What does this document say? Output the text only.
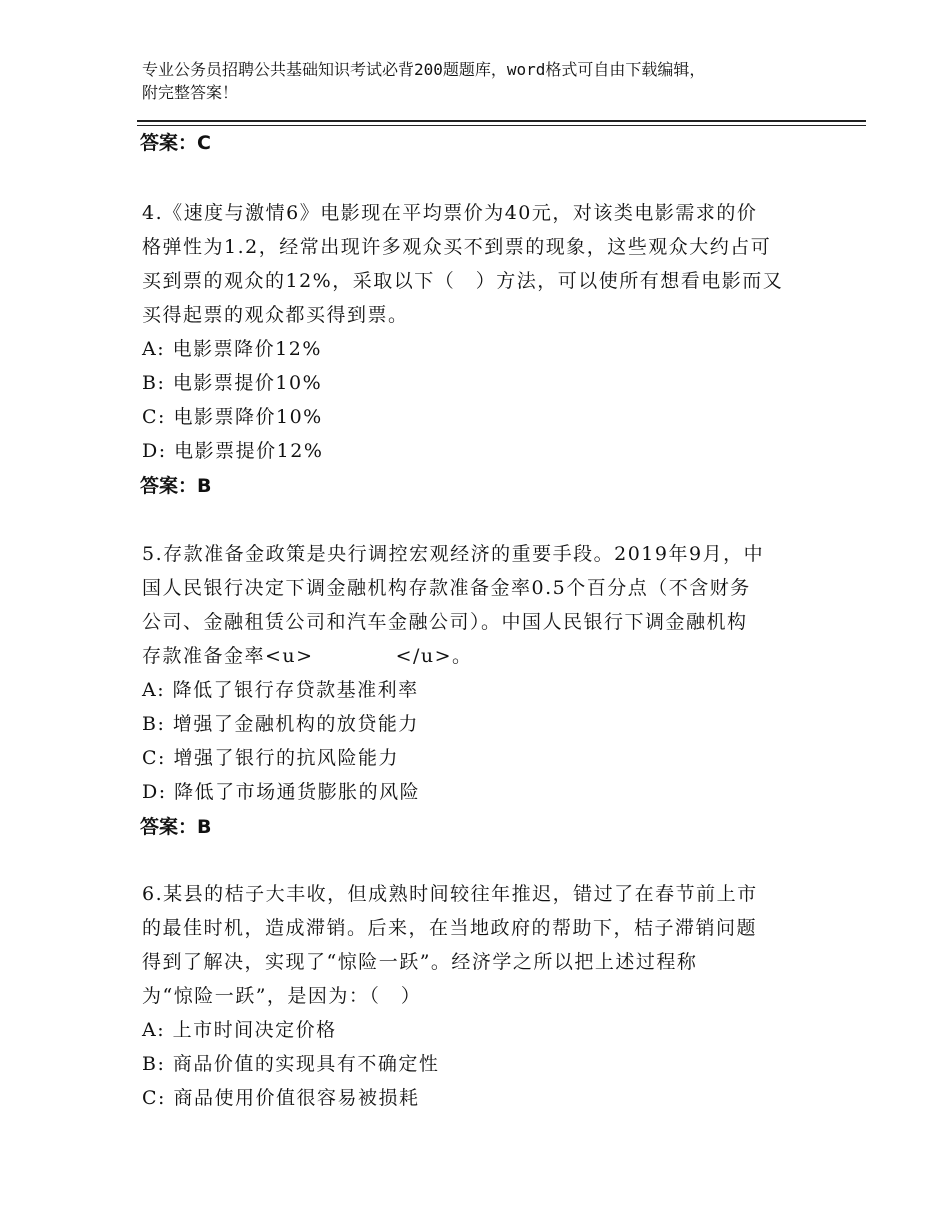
专业公务员招聘公共基础知识考试必背200题题库，word格式可自由下载编辑，
附完整答案！
答案：C
4.《速度与激情6》电影现在平均票价为40元，对该类电影需求的价
格弹性为1.2，经常出现许多观众买不到票的现象，这些观众大约占可
买到票的观众的12%，采取以下（　）方法，可以使所有想看电影而又
买得起票的观众都买得到票。
A: 电影票降价12%
B: 电影票提价10%
C: 电影票降价10%
D: 电影票提价12%
答案：B
5.存款准备金政策是央行调控宏观经济的重要手段。2019年9月，中
国人民银行决定下调金融机构存款准备金率0.5个百分点（不含财务
公司、金融租赁公司和汽车金融公司）。中国人民银行下调金融机构
存款准备金率<u>　　　　</u>。
A: 降低了银行存贷款基准利率
B: 增强了金融机构的放贷能力
C: 增强了银行的抗风险能力
D: 降低了市场通货膨胀的风险
答案：B
6.某县的桔子大丰收，但成熟时间较往年推迟，错过了在春节前上市
的最佳时机，造成滞销。后来，在当地政府的帮助下，桔子滞销问题
得到了解决，实现了“惊险一跃”。经济学之所以把上述过程称
为“惊险一跃”，是因为：（　）
A: 上市时间决定价格
B: 商品价值的实现具有不确定性
C: 商品使用价值很容易被损耗
